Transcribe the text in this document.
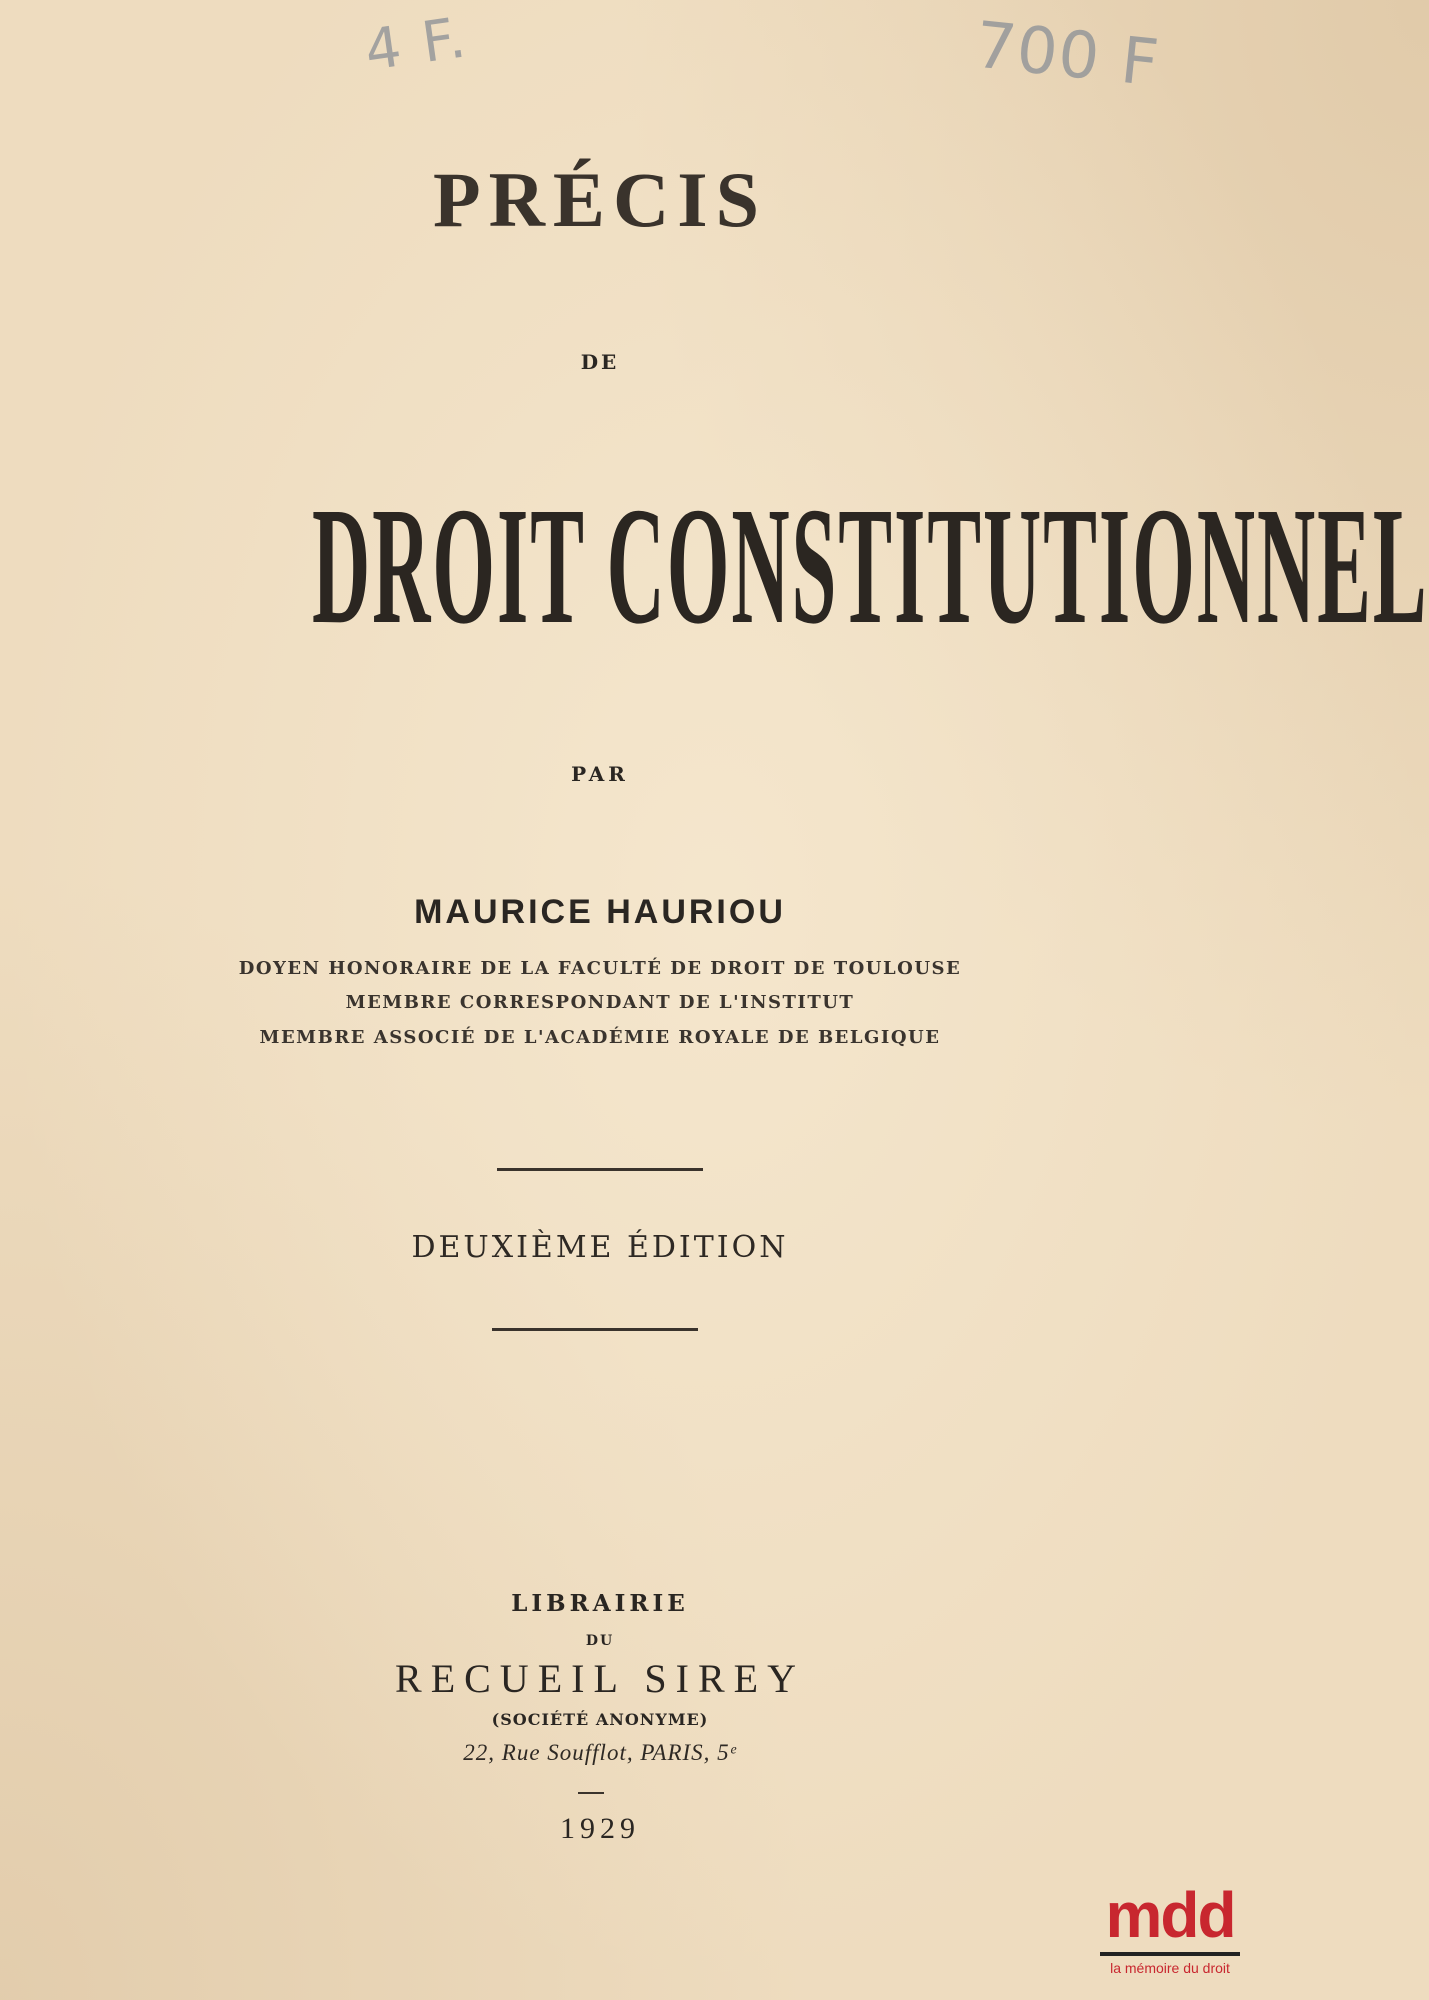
4 F.	700 F

PRÉCIS

DE

DROIT CONSTITUTIONNEL

PAR

MAURICE HAURIOU

DOYEN HONORAIRE DE LA FACULTÉ DE DROIT DE TOULOUSE

MEMBRE CORRESPONDANT DE L'INSTITUT

MEMBRE ASSOCIÉ DE L'ACADÉMIE ROYALE DE BELGIQUE

DEUXIÈME ÉDITION

LIBRAIRIE

DU

RECUEIL SIREY

(SOCIÉTÉ ANONYME)

22, Rue Soufflot, PARIS, 5ᵉ

1929

mdd
la mémoire du droit
